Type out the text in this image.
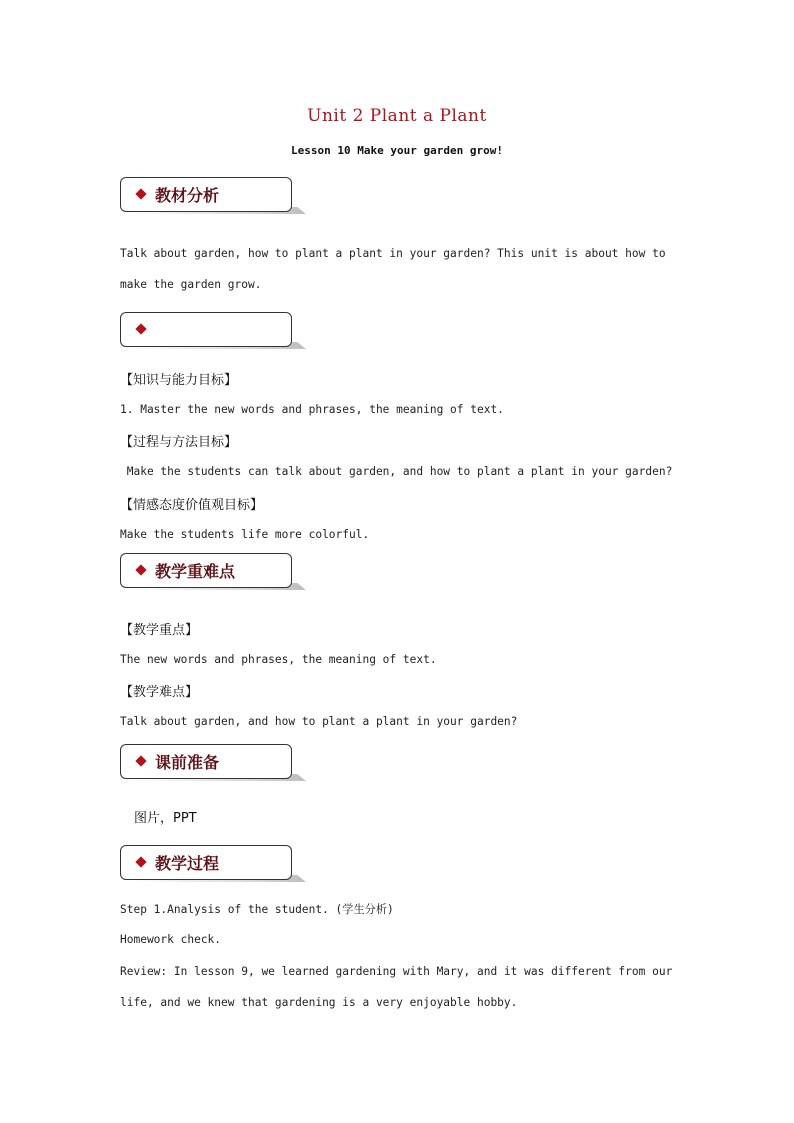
Unit 2 Plant a Plant
Lesson 10 Make your garden grow!
教材分析
Talk about garden, how to plant a plant in your garden? This unit is about how to
make the garden grow.
【知识与能力目标】
1. Master the new words and phrases, the meaning of text.
【过程与方法目标】
Make the students can talk about garden, and how to plant a plant in your garden?
【情感态度价值观目标】
Make the students life more colorful.
教学重难点
【教学重点】
The new words and phrases, the meaning of text.
【教学难点】
Talk about garden, and how to plant a plant in your garden?
课前准备
图片，PPT
教学过程
Step 1.Analysis of the student. (学生分析)
Homework check.
Review: In lesson 9, we learned gardening with Mary, and it was different from our
life, and we knew that gardening is a very enjoyable hobby.
